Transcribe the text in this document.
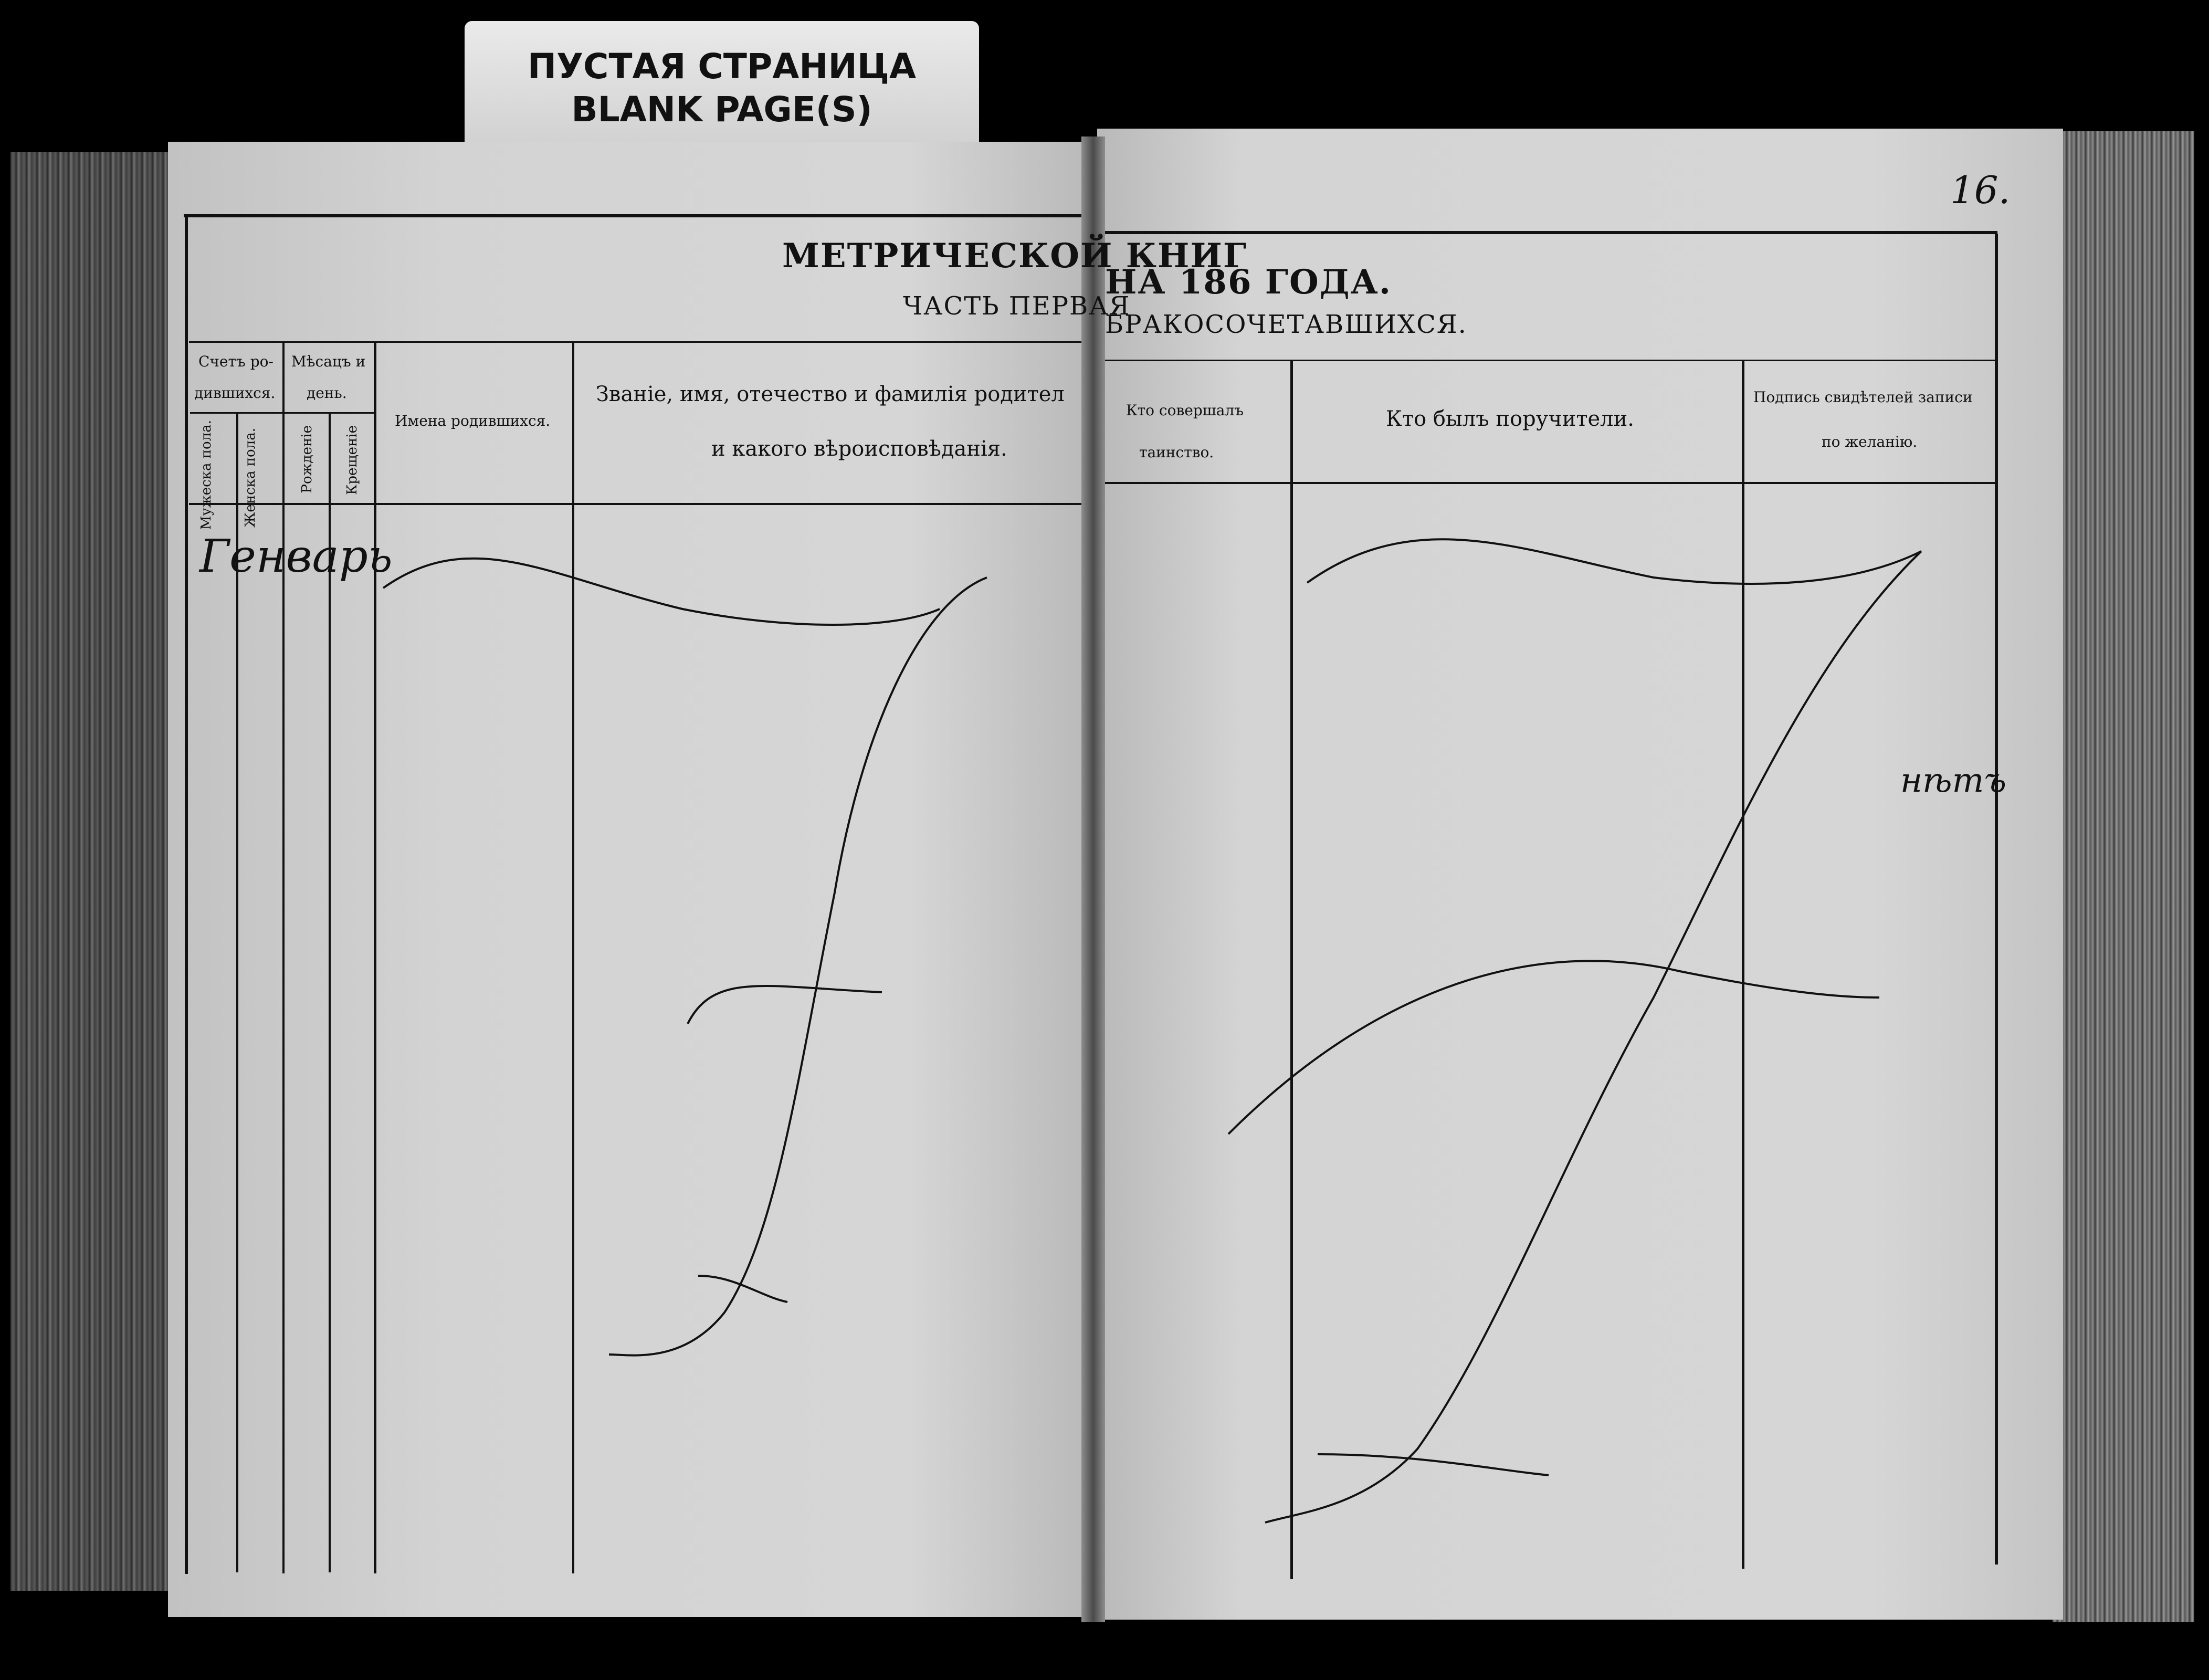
ПУСТАЯ СТРАНИЦА
BLANK PAGE(S)
МЕТРИЧЕСКОЙ КНИГ
ЧАСТЬ ПЕРВАЯ
Счетъ ро-
дившихся.
Мѣсацъ и
день.
Мужеска пола. Женска пола.	Рожденіе Крещеніе
Имена родившихся.
Званіе, имя, отечество и фамилія родител
и какого вѣроисповѣданія.
Генварь
НА 186 ГОДА.
БРАКОСОЧЕТАВШИХСЯ.
16.
Кто совершалъ
таинство.
Кто былъ поручители.
Подпись свидѣтелей записи
по желанію.
нѣтъ
